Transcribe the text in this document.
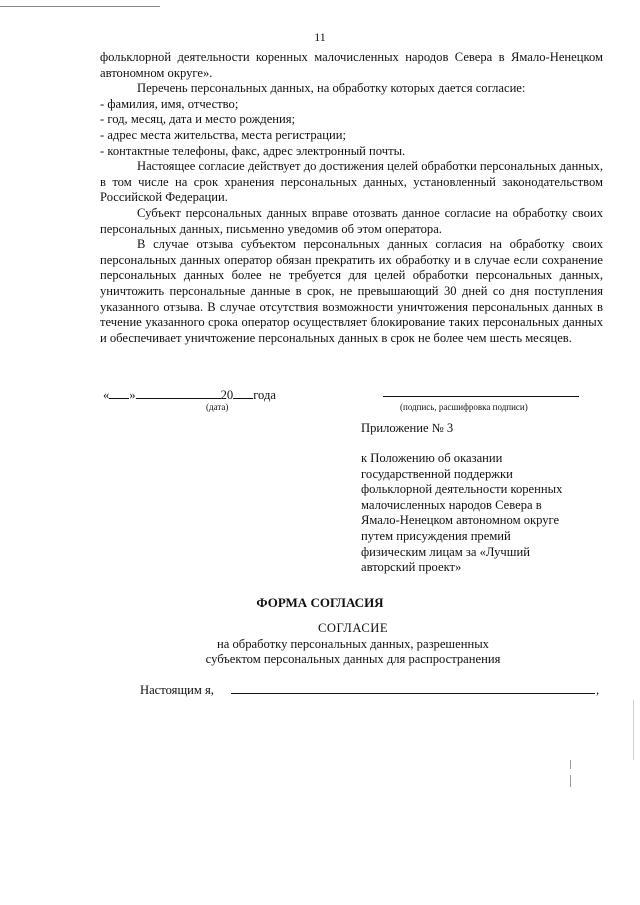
11

фольклорной деятельности коренных малочисленных народов Севера в Ямало-Ненецком автономном округе».

Перечень персональных данных, на обработку которых дается согласие:

- фамилия, имя, отчество;

- год, месяц, дата и место рождения;

- адрес места жительства, места регистрации;

- контактные телефоны, факс, адрес электронный почты.

Настоящее согласие действует до достижения целей обработки персональных данных, в том числе на срок хранения персональных данных, установленный законодательством Российской Федерации.

Субъект персональных данных вправе отозвать данное согласие на обработку своих персональных данных, письменно уведомив об этом оператора.

В случае отзыва субъектом персональных данных согласия на обработку своих персональных данных оператор обязан прекратить их обработку и в случае если сохранение персональных данных более не требуется для целей обработки персональных данных, уничтожить персональные данные в срок, не превышающий 30 дней со дня поступления указанного отзыва. В случае отсутствия возможности уничтожения персональных данных в течение указанного срока оператор осуществляет блокирование таких персональных данных и обеспечивает уничтожение персональных данных в срок не более чем шесть месяцев.

« »	20 года
(дата)	(подпись, расшифровка подписи)

Приложение № 3

к Положению об оказании

государственной поддержки

фольклорной деятельности коренных

малочисленных народов Севера в

Ямало-Ненецком автономном округе

путем присуждения премий

физическим лицам за «Лучший

авторский проект»

ФОРМА СОГЛАСИЯ

СОГЛАСИЕ

на обработку персональных данных, разрешенных

субъектом персональных данных для распространения

Настоящим я,	,
